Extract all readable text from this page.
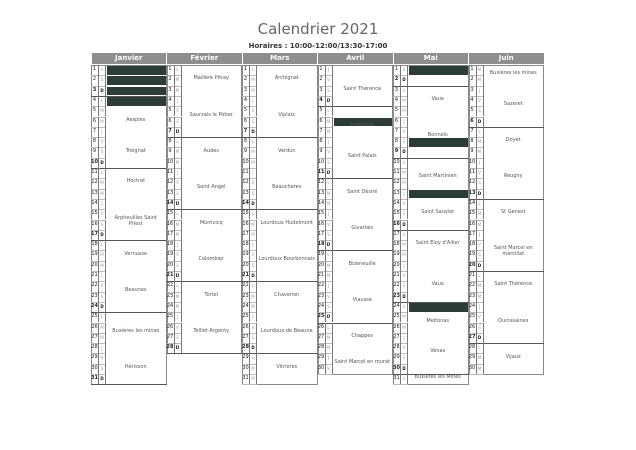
Calendrier 2021
Horaires : 10:00-12:00/13:30-17:00
Janvier
1	V
2	S
3	D
4	L
5	M
6	M
7	J
8	V
9	S
10 D
11 L
12 M
13 M
14 J
15 V
16 S
17 D
18 L
19 M
20 M
21 J
22 V
23 S
24 D
25 L
26 M
27 M
28 J
29 V
30 S
31 D
Aesples
Treignat
Hoctrat
Arpheuilles Saint Priest
Vernusse
Beaunes
Buxières les mines
Hérisson
Février
1	L
2	M
3	M
4	J
5	V
6	S
7	D
8	L
9	M
10 M
11 J
12 V
13 S
14 D
15 L
16 M
17 M
18 J
19 V
20 S
21 D
22 L
23 M
24 M
25 J
26 V
27 S
28 D
Maillère Pitray
Saurzais le Potier
Audes
Saint Angel
Montvicq
Colombier
Tortel
Teillet Argenty
Mars
1	L
2	M
3	M
4	J
5	V
6	S
7	D
8	L
9	M
10 M
11 J
12 V
13 S
14 D
15 L
16 M
17 M
18 J
19 V
20 S
21 D
22 L
23 M
24 M
25 J
26 V
27 S
28 D
29 L
30 M
31 M
Archignat
Viplaix
Verdun
Beaucheres
Lourdoux Hudelmont
Lourdoux Bourbonnais
Chavenon
Lourdoux de Beaune
Vitrières
Avril
1	J
2	V
3	S
4	D
5	L
6	M
7	M
8	J
9	V
10 S
11 D
12 L
13 M
14 M
15 J
16 V
17 S
18 D
19 L
20 M
21 M
22 J
23 V
24 S
25 D
26 L
27 M
28 M
29 J
30 V
Saint Thérence
Comodde
Saint Palais
Saint Désiré
Givarlais
Bizeneuille
Viausse
Chappes
Saint Marcel en murat
Mai
1	S
2	D
3	L
4	M
5	M
6	J
7	V
8	S
9	D
10 L
11 M
12 M
13 J
14 V
15 S
16 D
17 L
18 M
19 M
20 J
21 V
22 S
23 D
24 L
25 M
26 M
27 J
28 V
29 S
30 D
31 L
Vaux
Bonnels
Saint Martinien
Saint Sauvier
Saint Eloy d'Allier
Vaux
Meltonas
Venas
Buxières les Mines
Juin
1	M
2	M
3	J
4	V
5	S
6	D
7	L
8	M
9	M
10 J
11 V
12 S
13 D
14 L
15 M
16 M
17 J
18 V
19 S
20 D
21 L
22 M
23 M
24 J
25 V
26 S
27 D
28 L
29 M
30 M
Buxières les mines
Sazeret
Doyet
Reugny
St Genest
Saint Marcel en marcillat
Saint Thérence
Quinssaines
Vijaux
